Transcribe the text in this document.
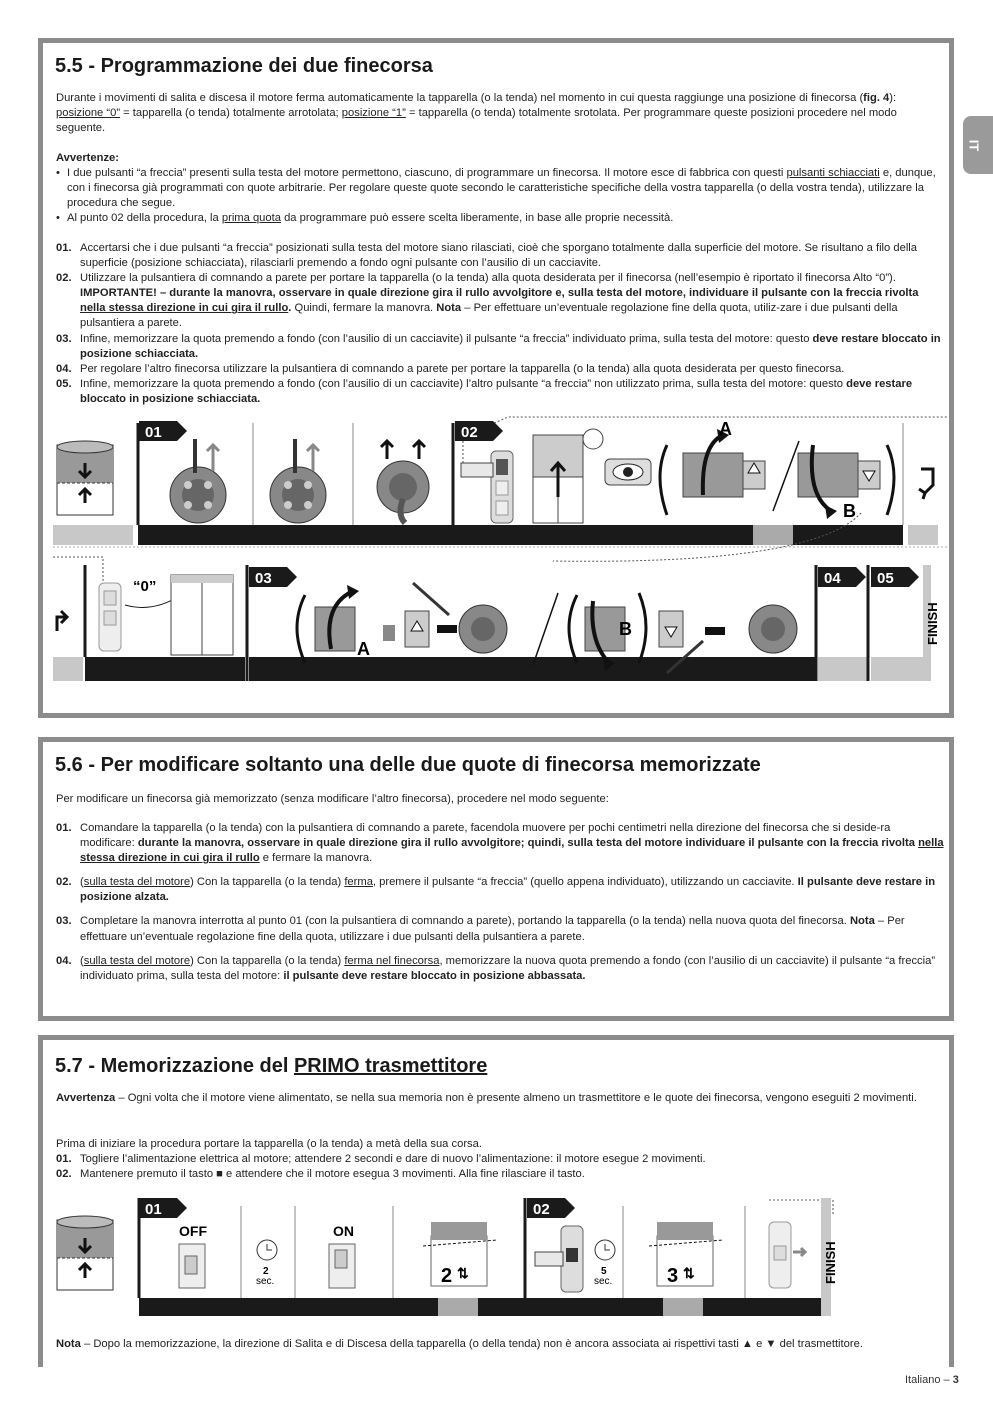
IT
5.5 - Programmazione dei due finecorsa
Durante i movimenti di salita e discesa il motore ferma automaticamente la tapparella (o la tenda) nel momento in cui questa raggiunge una posizione di finecorsa (fig. 4): posizione “0” = tapparella (o tenda) totalmente arrotolata; posizione “1” = tapparella (o tenda) totalmente srotolata. Per programmare queste posizioni procedere nel modo seguente.
Avvertenze:
• I due pulsanti “a freccia” presenti sulla testa del motore permettono, ciascuno, di programmare un finecorsa. Il motore esce di fabbrica con questi pulsanti schiacciati e, dunque, con i finecorsa già programmati con quote arbitrarie. Per regolare queste quote secondo le caratteristiche specifiche della vostra tapparella (o della vostra tenda), utilizzare la procedura che segue.
• Al punto 02 della procedura, la prima quota da programmare può essere scelta liberamente, in base alle proprie necessità.
01. Accertarsi che i due pulsanti “a freccia” posizionati sulla testa del motore siano rilasciati, cioè che sporgano totalmente dalla superficie del motore. Se risultano a filo della superficie (posizione schiacciata), rilasciarli premendo a fondo ogni pulsante con l’ausilio di un cacciavite.
02. Utilizzare la pulsantiera di comnando a parete per portare la tapparella (o la tenda) alla quota desiderata per il finecorsa (nell’esempio è riportato il finecorsa Alto “0”). IMPORTANTE! – durante la manovra, osservare in quale direzione gira il rullo avvolgitore e, sulla testa del motore, individuare il pulsante con la freccia rivolta nella stessa direzione in cui gira il rullo. Quindi, fermare la manovra. Nota – Per effettuare un’eventuale regolazione fine della quota, utiliz-zare i due pulsanti della pulsantiera a parete.
03. Infine, memorizzare la quota premendo a fondo (con l’ausilio di un cacciavite) il pulsante “a freccia” individuato prima, sulla testa del motore: questo deve restare bloccato in posizione schiacciata.
04. Per regolare l’altro finecorsa utilizzare la pulsantiera di comnando a parete per portare la tapparella (o la tenda) alla quota desiderata per questo finecorsa.
05. Infine, memorizzare la quota premendo a fondo (con l’ausilio di un cacciavite) l’altro pulsante “a freccia” non utilizzato prima, sulla testa del motore: questo deve restare bloccato in posizione schiacciata.
01	02	A
B
FINISH
03	04 05
“0”
A
B
5.6 - Per modificare soltanto una delle due quote di finecorsa memorizzate
Per modificare un finecorsa già memorizzato (senza modificare l’altro finecorsa), procedere nel modo seguente:
01. Comandare la tapparella (o la tenda) con la pulsantiera di comnando a parete, facendola muovere per pochi centimetri nella direzione del finecorsa che si deside-ra modificare: durante la manovra, osservare in quale direzione gira il rullo avvolgitore; quindi, sulla testa del motore individuare il pulsante con la freccia rivolta nella stessa direzione in cui gira il rullo e fermare la manovra.
02. (sulla testa del motore) Con la tapparella (o la tenda) ferma, premere il pulsante “a freccia” (quello appena individuato), utilizzando un cacciavite. Il pulsante deve restare in posizione alzata.
03. Completare la manovra interrotta al punto 01 (con la pulsantiera di comnando a parete), portando la tapparella (o la tenda) nella nuova quota del finecorsa. Nota – Per effettuare un’eventuale regolazione fine della quota, utilizzare i due pulsanti della pulsantiera a parete.
04. (sulla testa del motore) Con la tapparella (o la tenda) ferma nel finecorsa, memorizzare la nuova quota premendo a fondo (con l’ausilio di un cacciavite) il pulsante “a freccia” individuato prima, sulla testa del motore: il pulsante deve restare bloccato in posizione abbassata.
5.7 - Memorizzazione del PRIMO trasmettitore
Avvertenza – Ogni volta che il motore viene alimentato, se nella sua memoria non è presente almeno un trasmettitore e le quote dei finecorsa, vengono eseguiti 2 movimenti.
Prima di iniziare la procedura portare la tapparella (o la tenda) a metà della sua corsa.
01. Togliere l’alimentazione elettrica al motore; attendere 2 secondi e dare di nuovo l’alimentazione: il motore esegue 2 movimenti.
02. Mantenere premuto il tasto ■ e attendere che il motore esegua 3 movimenti. Alla fine rilasciare il tasto.
FINISH
01	02
OFF
2
sec.
ON
2 ⇅	5
sec.	3 ⇅
Nota – Dopo la memorizzazione, la direzione di Salita e di Discesa della tapparella (o della tenda) non è ancora associata ai rispettivi tasti ▲ e ▼ del trasmettitore.
Italiano – 3
